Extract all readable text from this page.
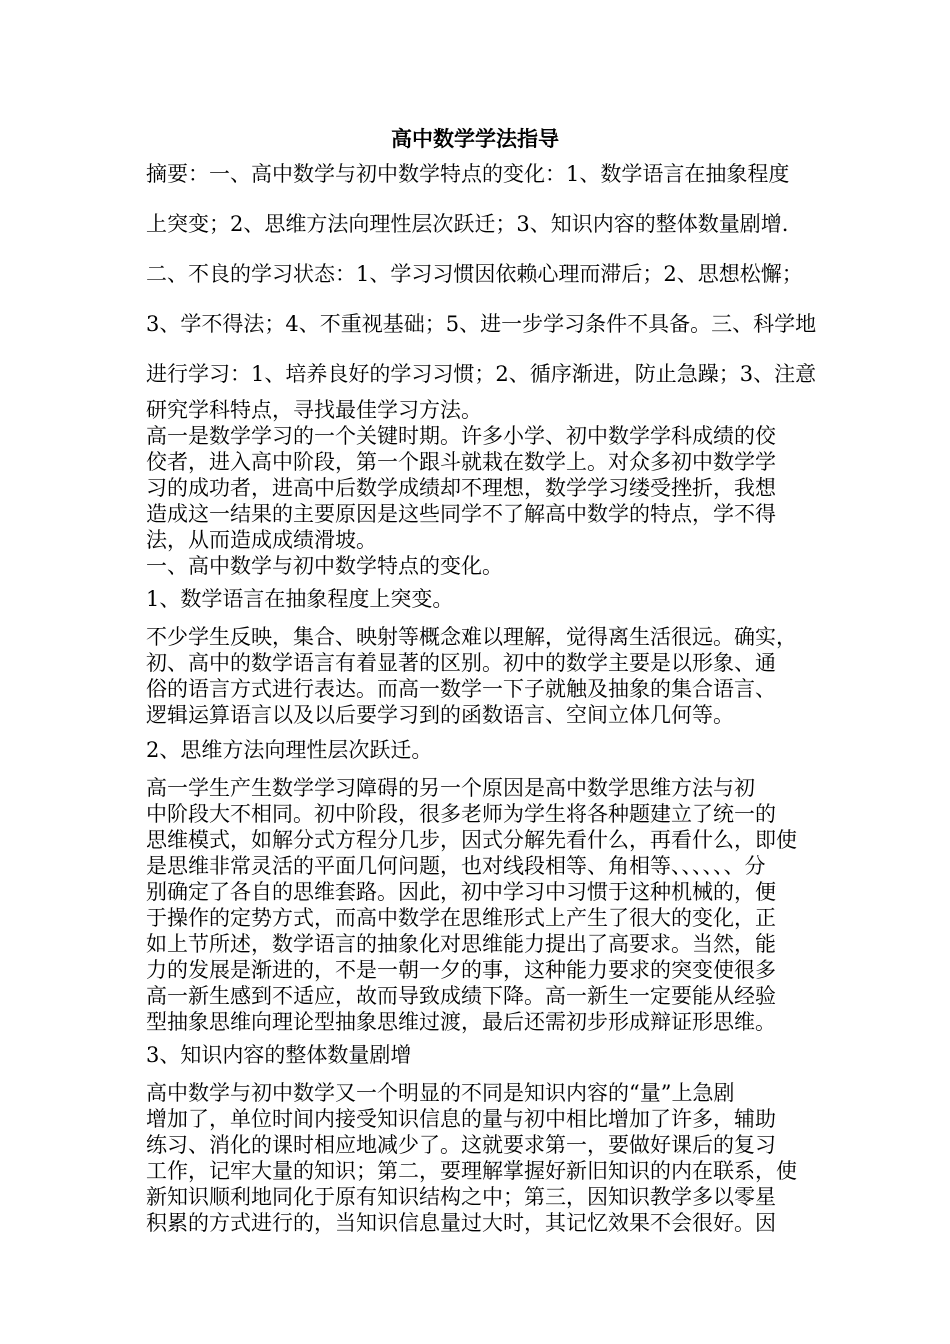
高中数学学法指导
摘要：一、高中数学与初中数学特点的变化：1、数学语言在抽象程度
上突变；2、思维方法向理性层次跃迁；3、知识内容的整体数量剧增.
二、不良的学习状态：1、学习习惯因依赖心理而滞后；2、思想松懈；
3、学不得法；4、不重视基础；5、进一步学习条件不具备。三、科学地
进行学习：1、培养良好的学习习惯；2、循序渐进，防止急躁；3、注意
研究学科特点，寻找最佳学习方法。
高一是数学学习的一个关键时期。许多小学、初中数学学科成绩的佼
佼者，进入高中阶段，第一个跟斗就栽在数学上。对众多初中数学学
习的成功者，进高中后数学成绩却不理想，数学学习缕受挫折，我想
造成这一结果的主要原因是这些同学不了解高中数学的特点，学不得
法，从而造成成绩滑坡。
一、高中数学与初中数学特点的变化。
1、数学语言在抽象程度上突变。
不少学生反映，集合、映射等概念难以理解，觉得离生活很远。确实，
初、高中的数学语言有着显著的区别。初中的数学主要是以形象、通
俗的语言方式进行表达。而高一数学一下子就触及抽象的集合语言、
逻辑运算语言以及以后要学习到的函数语言、空间立体几何等。
2、思维方法向理性层次跃迁。
高一学生产生数学学习障碍的另一个原因是高中数学思维方法与初
中阶段大不相同。初中阶段，很多老师为学生将各种题建立了统一的
思维模式，如解分式方程分几步，因式分解先看什么，再看什么，即使
是思维非常灵活的平面几何问题，也对线段相等、角相等、、、、、、分
别确定了各自的思维套路。因此，初中学习中习惯于这种机械的，便
于操作的定势方式，而高中数学在思维形式上产生了很大的变化，正
如上节所述，数学语言的抽象化对思维能力提出了高要求。当然，能
力的发展是渐进的，不是一朝一夕的事，这种能力要求的突变使很多
高一新生感到不适应，故而导致成绩下降。高一新生一定要能从经验
型抽象思维向理论型抽象思维过渡，最后还需初步形成辩证形思维。
3、知识内容的整体数量剧增
高中数学与初中数学又一个明显的不同是知识内容的“量”上急剧
增加了，单位时间内接受知识信息的量与初中相比增加了许多，辅助
练习、消化的课时相应地减少了。这就要求第一，要做好课后的复习
工作，记牢大量的知识；第二，要理解掌握好新旧知识的内在联系，使
新知识顺利地同化于原有知识结构之中；第三，因知识教学多以零星
积累的方式进行的，当知识信息量过大时，其记忆效果不会很好。因
